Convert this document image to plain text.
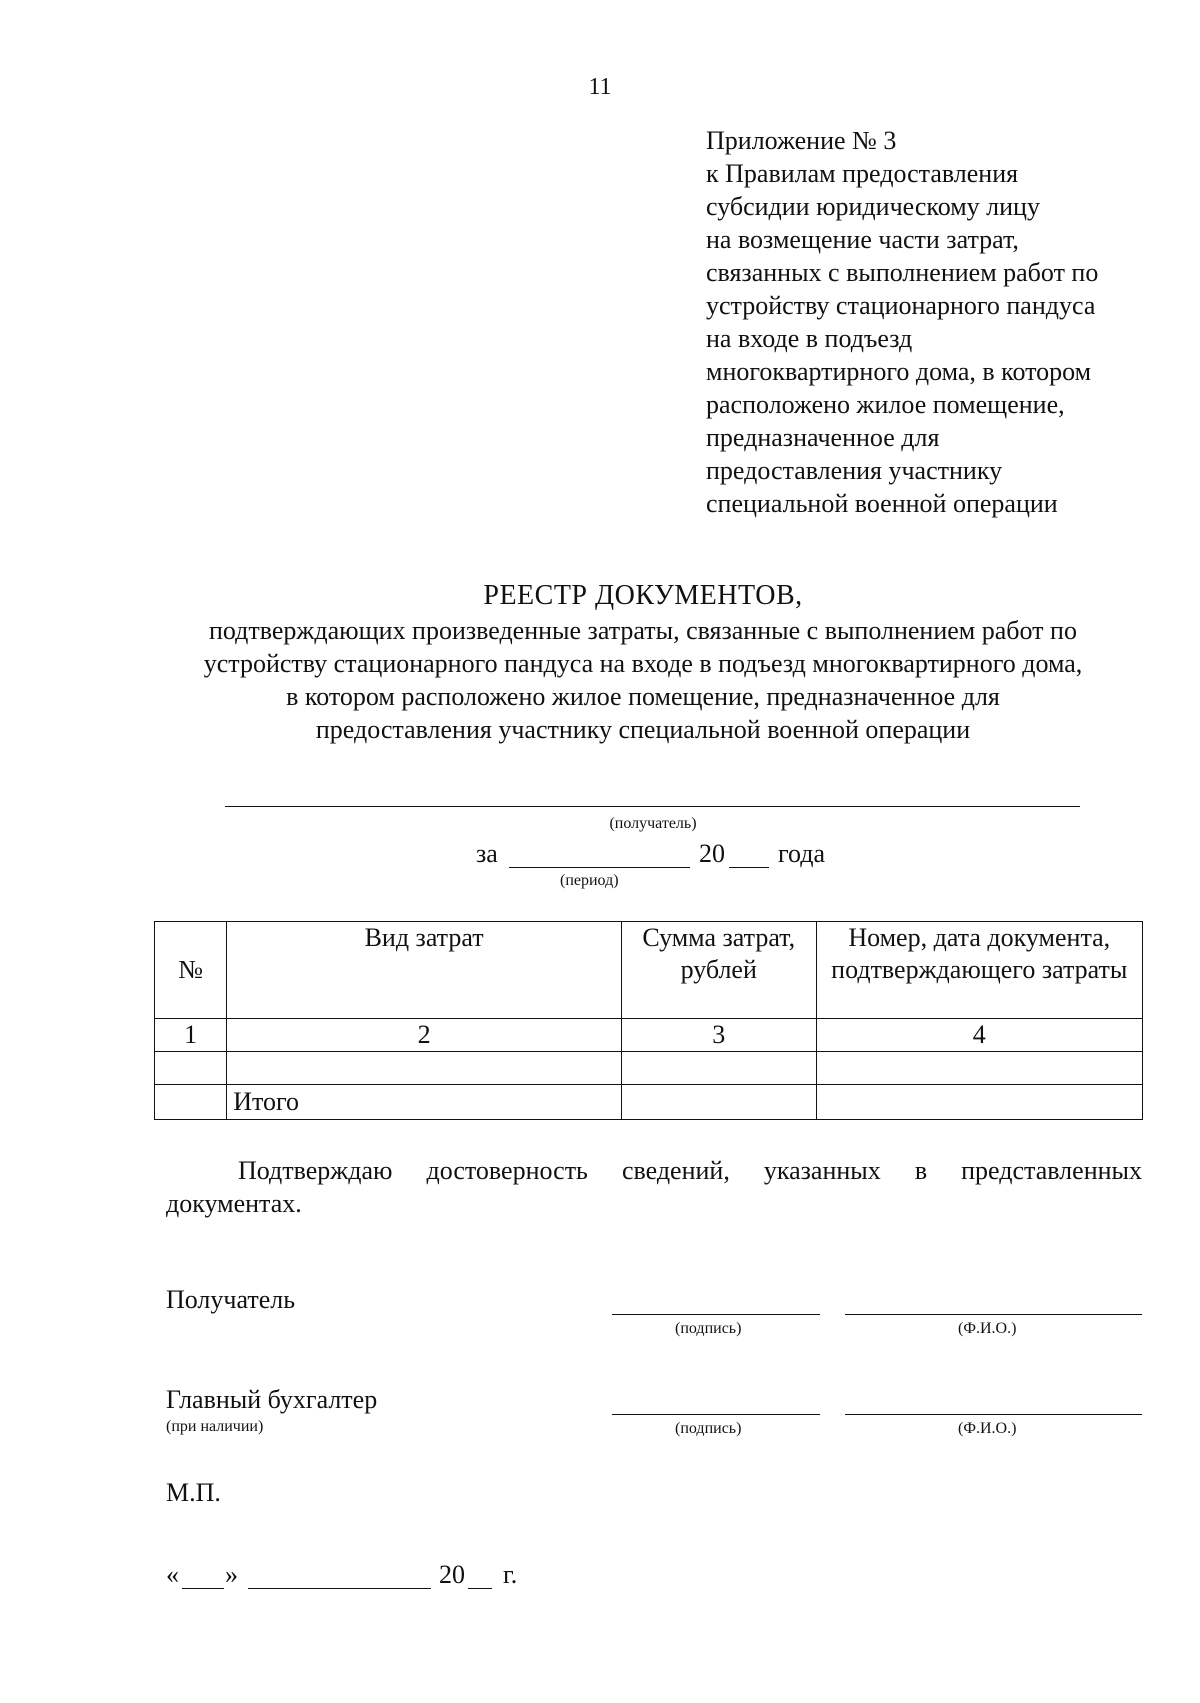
11
Приложение № 3
к Правилам предоставления
субсидии юридическому лицу
на возмещение части затрат,
связанных с выполнением работ по
устройству стационарного пандуса
на входе в подъезд
многоквартирного дома, в котором
расположено жилое помещение,
предназначенное для
предоставления участнику
специальной военной операции
РЕЕСТР ДОКУМЕНТОВ,
подтверждающих произведенные затраты, связанные с выполнением работ по
устройству стационарного пандуса на входе в подъезд многоквартирного дома,
в котором расположено жилое помещение, предназначенное для
предоставления участнику специальной военной операции
(получатель)
за	20 года
(период)
№	Вид затрат	Сумма затрат, рублей	Номер, дата документа, подтверждающего затраты
1	2	3	4

	Итого		
Подтверждаю достоверность сведений, указанных в представленных документах.
Получатель
(подпись)	(Ф.И.О.)
Главный бухгалтер
(при наличии)	(подпись)	(Ф.И.О.)
М.П.
« »	20 г.
